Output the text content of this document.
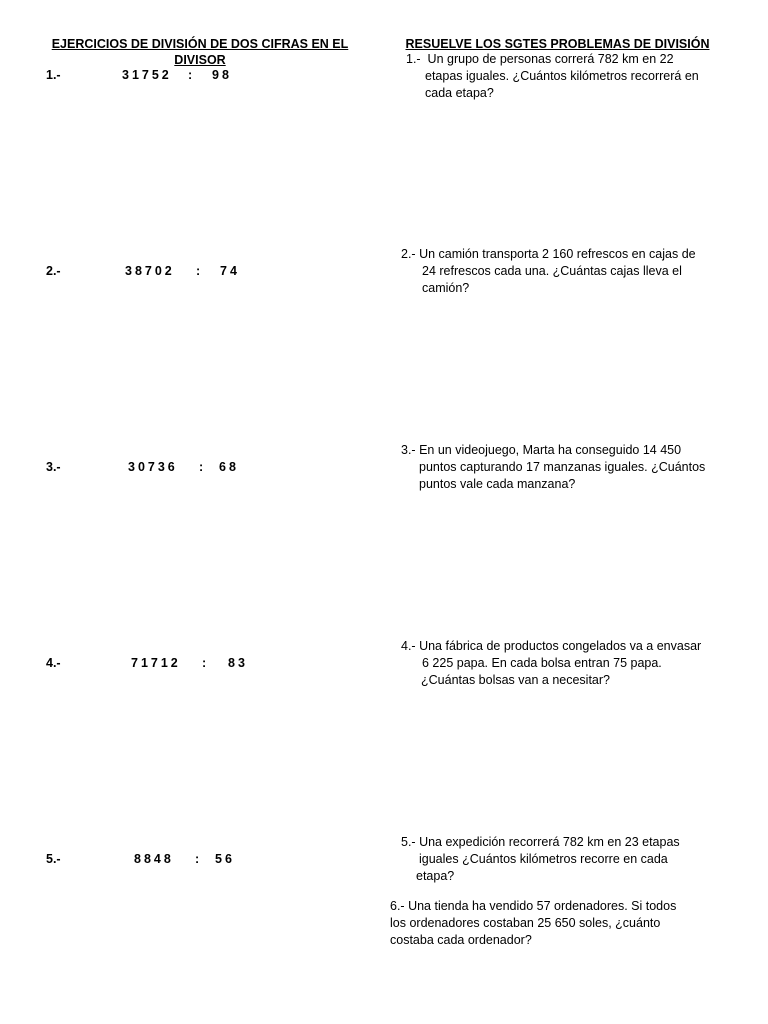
EJERCICIOS DE DIVISIÓN DE DOS CIFRAS EN EL
DIVISOR
RESUELVE LOS SGTES PROBLEMAS DE DIVISIÓN
1.-	31752 : 98
2.-	38702 : 74
3.-	30736 : 68
4.-	71712 : 83
5.-	8848 : 56
1.- Un grupo de personas correrá 782 km en 22
etapas iguales. ¿Cuántos kilómetros recorrerá en
cada etapa?
2.- Un camión transporta 2 160 refrescos en cajas de
24 refrescos cada una. ¿Cuántas cajas lleva el
camión?
3.- En un videojuego, Marta ha conseguido 14 450
puntos capturando 17 manzanas iguales. ¿Cuántos
puntos vale cada manzana?
4.- Una fábrica de productos congelados va a envasar
6 225 papa. En cada bolsa entran 75 papa.
¿Cuántas bolsas van a necesitar?
5.- Una expedición recorrerá 782 km en 23 etapas
iguales ¿Cuántos kilómetros recorre en cada
etapa?
6.- Una tienda ha vendido 57 ordenadores. Si todos
los ordenadores costaban 25 650 soles, ¿cuánto
costaba cada ordenador?
